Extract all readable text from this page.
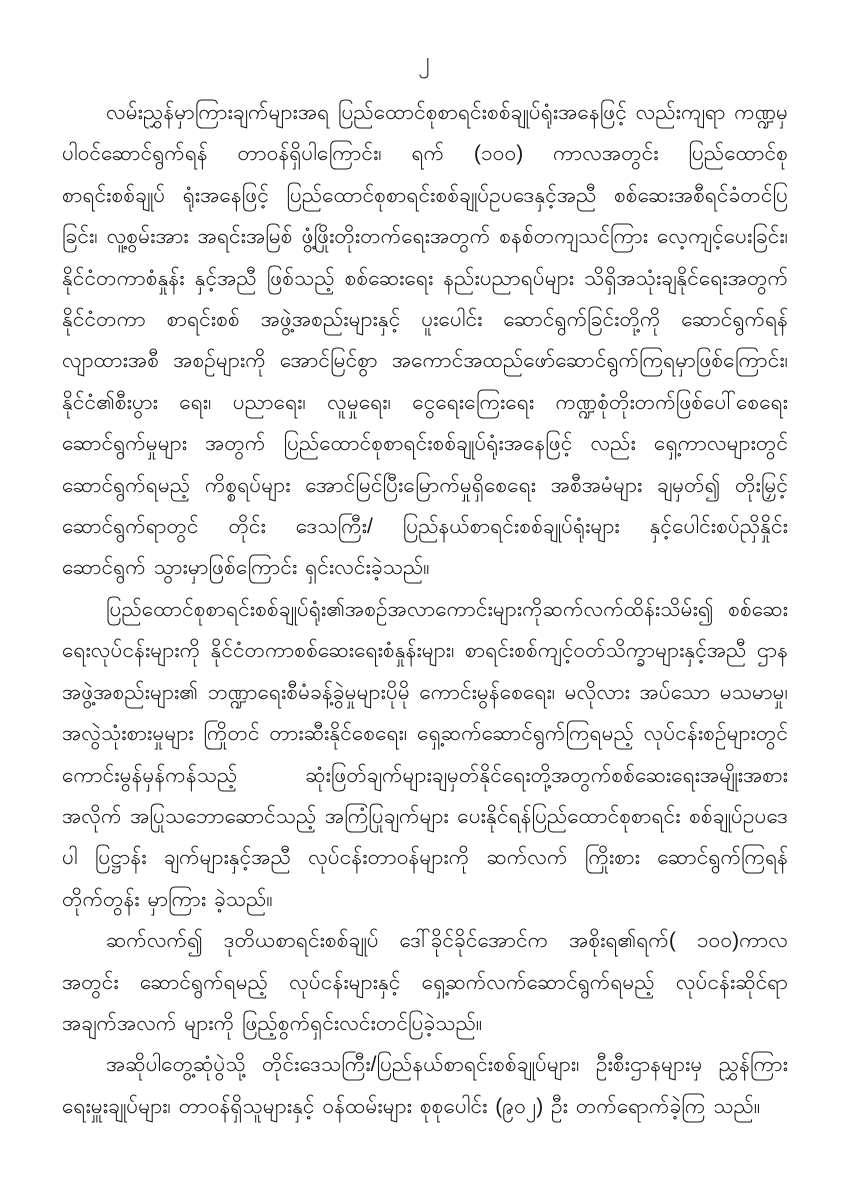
၂

လမ်းညွှန်မှာကြားချက်များအရ ပြည်ထောင်စုစာရင်းစစ်ချုပ်ရုံးအနေဖြင့် လည်းကျရာ ကဏ္ဍမှ ပါဝင်ဆောင်ရွက်ရန် တာဝန်ရှိပါကြောင်း၊ ရက် (၁၀၀) ကာလအတွင်း ပြည်ထောင်စု စာရင်းစစ်ချုပ် ရုံးအနေဖြင့် ပြည်ထောင်စုစာရင်းစစ်ချုပ်ဥပဒေနှင့်အညီ စစ်ဆေးအစီရင်ခံတင်ပြခြင်း၊ လူ့စွမ်းအား အရင်းအမြစ် ဖွံ့ဖြိုးတိုးတက်ရေးအတွက် စနစ်တကျသင်ကြား လေ့ကျင့်ပေးခြင်း၊ နိုင်ငံတကာစံနှုန်း နှင့်အညီ ဖြစ်သည့် စစ်ဆေးရေး နည်းပညာရပ်များ သိရှိအသုံးချနိုင်ရေးအတွက် နိုင်ငံတကာ စာရင်းစစ် အဖွဲ့အစည်းများနှင့် ပူးပေါင်း ဆောင်ရွက်ခြင်းတို့ကို ဆောင်ရွက်ရန် လျာထားအစီ အစဉ်များကို အောင်မြင်စွာ အကောင်အထည်ဖော်ဆောင်ရွက်ကြရမှာဖြစ်ကြောင်း၊ နိုင်ငံ၏စီးပွား ရေး၊ ပညာရေး၊ လူမှုရေး၊ ငွေရေးကြေးရေး ကဏ္ဍစုံတိုးတက်ဖြစ်ပေါ်စေရေး ဆောင်ရွက်မှုများ အတွက် ပြည်ထောင်စုစာရင်းစစ်ချုပ်ရုံးအနေဖြင့် လည်း ရှေ့ကာလများတွင် ဆောင်ရွက်ရမည့် ကိစ္စရပ်များ အောင်မြင်ပြီးမြောက်မှုရှိစေရေး အစီအမံများ ချမှတ်၍ တိုးမြှင့် ဆောင်ရွက်ရာတွင် တိုင်း ဒေသကြီး/ ပြည်နယ်စာရင်းစစ်ချုပ်ရုံးများ နှင့်ပေါင်းစပ်ညှိနှိုင်း ဆောင်ရွက် သွားမှာဖြစ်ကြောင်း ရှင်းလင်းခဲ့သည်။

ပြည်ထောင်စုစာရင်းစစ်ချုပ်ရုံး၏အစဉ်အလာကောင်းများကိုဆက်လက်ထိန်းသိမ်း၍ စစ်ဆေး ရေးလုပ်ငန်းများကို နိုင်ငံတကာစစ်ဆေးရေးစံနှုန်းများ၊ စာရင်းစစ်ကျင့်ဝတ်သိက္ခာများနှင့်အညီ ဌာန အဖွဲ့အစည်းများ၏ ဘဏ္ဍာရေးစီမံခန့်ခွဲမှုများပိုမို ကောင်းမွန်စေရေး၊ မလိုလား အပ်သော မသမာမှု၊ အလွဲသုံးစားမှုများ ကြိုတင် တားဆီးနိုင်စေရေး၊ ရှေ့ဆက်ဆောင်ရွက်ကြရမည့် လုပ်ငန်းစဉ်များတွင် ကောင်းမွန်မှန်ကန်သည့် ဆုံးဖြတ်ချက်များချမှတ်နိုင်ရေးတို့အတွက်စစ်ဆေးရေးအမျိုးအစား အလိုက် အပြုသဘောဆောင်သည့် အကြံပြုချက်များ ပေးနိုင်ရန်ပြည်ထောင်စုစာရင်း စစ်ချုပ်ဥပဒေပါ ပြဋ္ဌာန်း ချက်များနှင့်အညီ လုပ်ငန်းတာဝန်များကို ဆက်လက် ကြိုးစား ဆောင်ရွက်ကြရန် တိုက်တွန်း မှာကြား ခဲ့သည်။

ဆက်လက်၍ ဒုတိယစာရင်းစစ်ချုပ် ဒေါ်ခိုင်ခိုင်အောင်က အစိုးရ၏ရက်( ၁၀၀)ကာလအတွင်း ဆောင်ရွက်ရမည့် လုပ်ငန်းများနှင့် ရှေ့ဆက်လက်ဆောင်ရွက်ရမည့် လုပ်ငန်းဆိုင်ရာ အချက်အလက် များကို ဖြည့်စွက်ရှင်းလင်းတင်ပြခဲ့သည်။

အဆိုပါတွေ့ဆုံပွဲသို့ တိုင်းဒေသကြီး/ပြည်နယ်စာရင်းစစ်ချုပ်များ၊ ဦးစီးဌာနများမှ ညွှန်ကြား ရေးမှူးချုပ်များ၊ တာဝန်ရှိသူများနှင့် ဝန်ထမ်းများ စုစုပေါင်း (၉၀၂) ဦး တက်ရောက်ခဲ့ကြ သည်။
